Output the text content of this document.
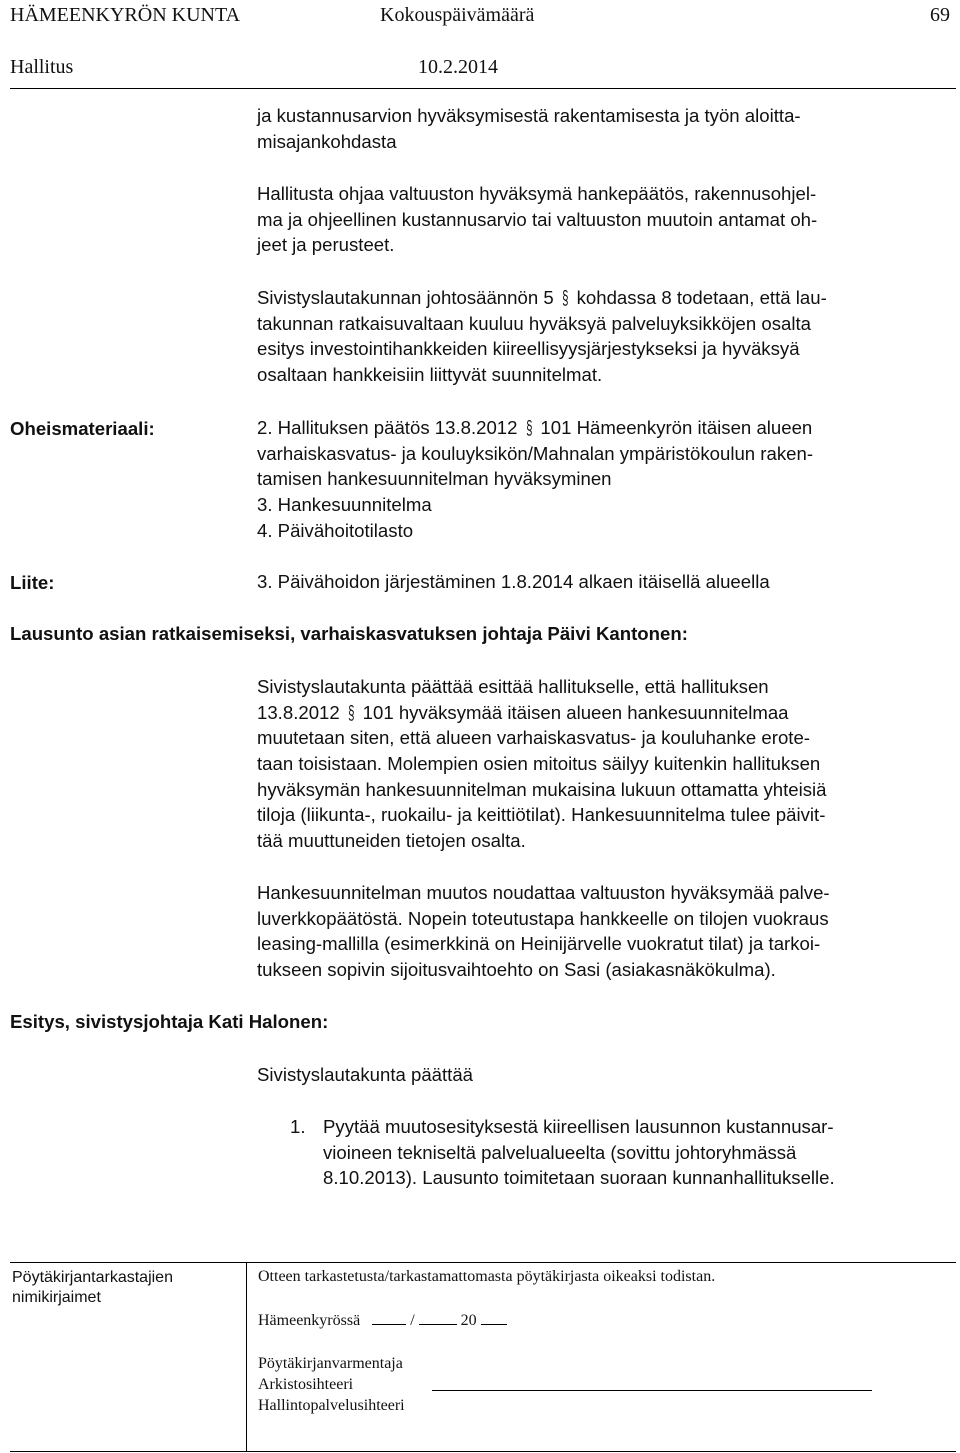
HÄMEENKYRÖN KUNTA	Kokouspäivämäärä	69
Hallitus	10.2.2014
ja kustannusarvion hyväksymisestä rakentamisesta ja työn aloitta-
misajankohdasta
Hallitusta ohjaa valtuuston hyväksymä hankepäätös, rakennusohjel-
ma ja ohjeellinen kustannusarvio tai valtuuston muutoin antamat oh-
jeet ja perusteet.
Sivistyslautakunnan johtosäännön 5 § kohdassa 8 todetaan, että lau-
takunnan ratkaisuvaltaan kuuluu hyväksyä palveluyksikköjen osalta
esitys investointihankkeiden kiireellisyysjärjestykseksi ja hyväksyä
osaltaan hankkeisiin liittyvät suunnitelmat.
Oheismateriaali:	2. Hallituksen päätös 13.8.2012 § 101 Hämeenkyrön itäisen alueen
varhaiskasvatus- ja kouluyksikön/Mahnalan ympäristökoulun raken-
tamisen hankesuunnitelman hyväksyminen
3. Hankesuunnitelma
4. Päivähoitotilasto
Liite:	3. Päivähoidon järjestäminen 1.8.2014 alkaen itäisellä alueella
Lausunto asian ratkaisemiseksi, varhaiskasvatuksen johtaja Päivi Kantonen:
Sivistyslautakunta päättää esittää hallitukselle, että hallituksen
13.8.2012 § 101 hyväksymää itäisen alueen hankesuunnitelmaa
muutetaan siten, että alueen varhaiskasvatus- ja kouluhanke erote-
taan toisistaan. Molempien osien mitoitus säilyy kuitenkin hallituksen
hyväksymän hankesuunnitelman mukaisina lukuun ottamatta yhteisiä
tiloja (liikunta-, ruokailu- ja keittiötilat). Hankesuunnitelma tulee päivit-
tää muuttuneiden tietojen osalta.
Hankesuunnitelman muutos noudattaa valtuuston hyväksymää palve-
luverkkopäätöstä. Nopein toteutustapa hankkeelle on tilojen vuokraus
leasing-mallilla (esimerkkinä on Heinijärvelle vuokratut tilat) ja tarkoi-
tukseen sopivin sijoitusvaihtoehto on Sasi (asiakasnäkökulma).
Esitys, sivistysjohtaja Kati Halonen:
Sivistyslautakunta päättää
1. Pyytää muutosesityksestä kiireellisen lausunnon kustannusar-
vioineen tekniseltä palvelualueelta (sovittu johtoryhmässä
8.10.2013). Lausunto toimitetaan suoraan kunnanhallitukselle.
Pöytäkirjantarkastajien
nimikirjaimet
Otteen tarkastetusta/tarkastamattomasta pöytäkirjasta oikeaksi todistan.
Hämeenkyrössä	/	20
Pöytäkirjanvarmentaja
Arkistosihteeri
Hallintopalvelusihteeri
